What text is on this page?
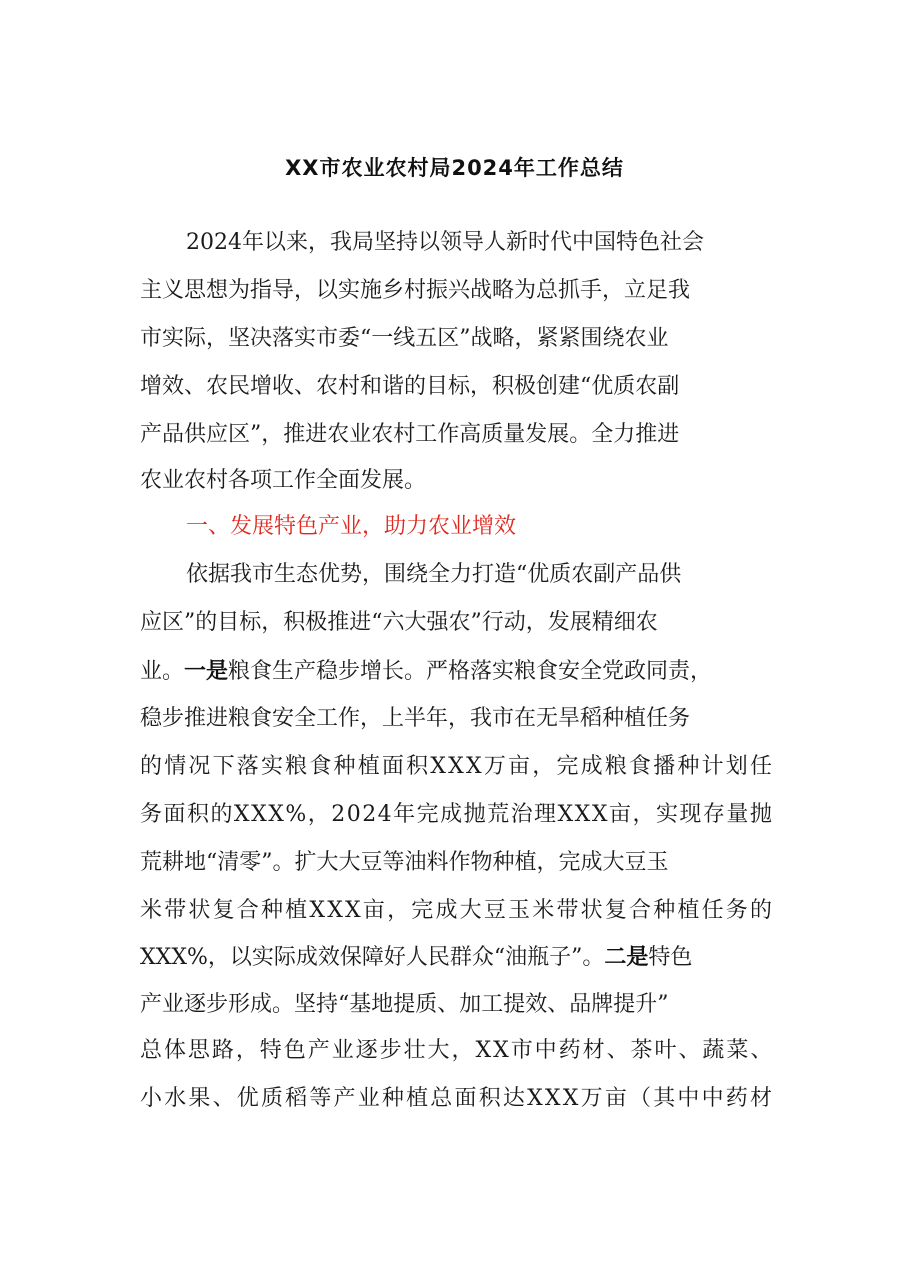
XX市农业农村局2024年工作总结
2024年以来，我局坚持以领导人新时代中国特色社会
主义思想为指导，以实施乡村振兴战略为总抓手，立足我
市实际，坚决落实市委“一线五区”战略，紧紧围绕农业
增效、农民增收、农村和谐的目标，积极创建“优质农副
产品供应区”，推进农业农村工作高质量发展。全力推进
农业农村各项工作全面发展。
一、发展特色产业，助力农业增效
依据我市生态优势，围绕全力打造“优质农副产品供
应区”的目标，积极推进“六大强农”行动，发展精细农
业。一是粮食生产稳步增长。严格落实粮食安全党政同责，
稳步推进粮食安全工作，上半年，我市在无旱稻种植任务
的情况下落实粮食种植面积XXX万亩，完成粮食播种计划任
务面积的XXX%，2024年完成抛荒治理XXX亩，实现存量抛
荒耕地“清零”。扩大大豆等油料作物种植，完成大豆玉
米带状复合种植XXX亩，完成大豆玉米带状复合种植任务的
XXX%，以实际成效保障好人民群众“油瓶子”。二是特色
产业逐步形成。坚持“基地提质、加工提效、品牌提升”
总体思路，特色产业逐步壮大，XX市中药材、茶叶、蔬菜、
小水果、优质稻等产业种植总面积达XXX万亩（其中中药材
